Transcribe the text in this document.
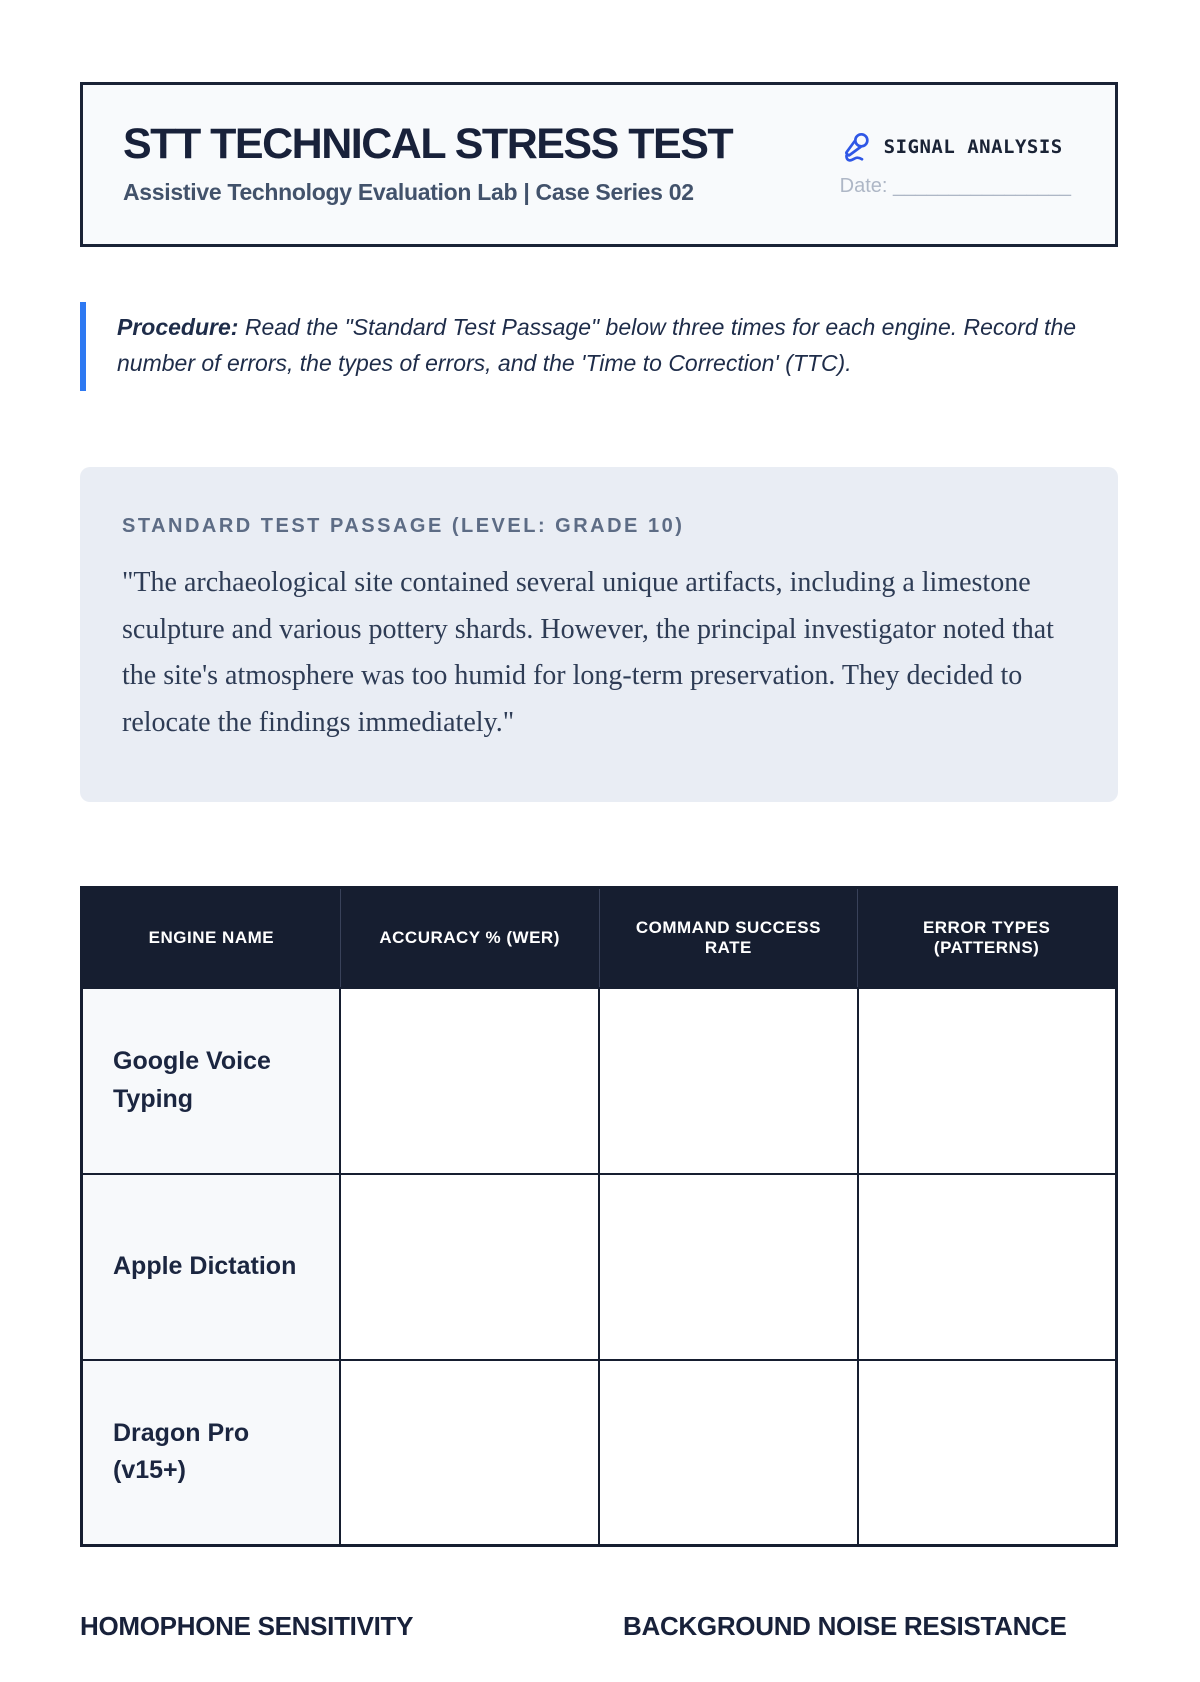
STT TECHNICAL STRESS TEST
Assistive Technology Evaluation Lab | Case Series 02
SIGNAL ANALYSIS
Date: ________________
Procedure: Read the "Standard Test Passage" below three times for each engine. Record the number of errors, the types of errors, and the 'Time to Correction' (TTC).
STANDARD TEST PASSAGE (LEVEL: GRADE 10)
"The archaeological site contained several unique artifacts, including a limestone sculpture and various pottery shards. However, the principal investigator noted that the site's atmosphere was too humid for long-term preservation. They decided to relocate the findings immediately."
ENGINE NAME	ACCURACY % (WER)	COMMAND SUCCESS RATE	ERROR TYPES (PATTERNS)
Google Voice Typing			
Apple Dictation			
Dragon Pro (v15+)			
HOMOPHONE SENSITIVITY	BACKGROUND NOISE RESISTANCE
